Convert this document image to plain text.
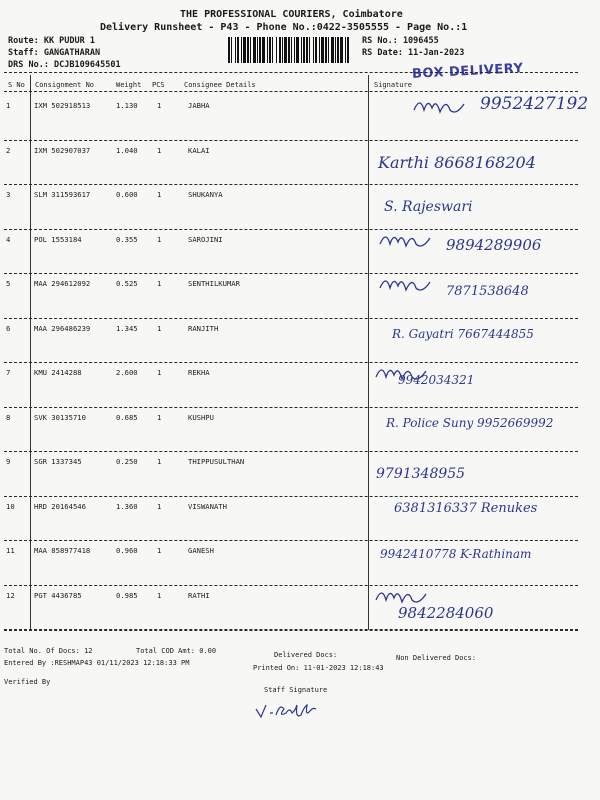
THE PROFESSIONAL COURIERS, Coimbatore
Delivery Runsheet - P43 - Phone No.:0422-3505555 - Page No.:1
Route: KK PUDUR 1
Staff: GANGATHARAN
DRS No.: DCJB109645501
RS No.: 1096455
RS Date: 11-Jan-2023
BOX DELIVERY
S No Consignment No	Weight PCS	Consignee Details	Signature
1	IXM 502918513	1.130	1	JABHA	9952427192
2	IXM 502907037	1.040	1	KALAI
Karthi 8668168204
3	SLM 311593617	0.600	1	SHUKANYA
S. Rajeswari
4	POL 1553184	0.355	1	SAROJINI	9894289906
5	MAA 294612092	0.525	1	SENTHILKUMAR
7871538648
6	MAA 296486239	1.345	1	RANJITH	R. Gayatri 7667444855
7	KMU 2414288	2.600	1	REKHA
9942034321
8	SVK 30135710	0.685	1	KUSHPU	R. Police Suny 9952669992
9	SGR 1337345	0.250	1	THIPPUSULTHAN
9791348955
10	HRD 20164546	1.360	1	VISWANATH	6381316337 Renukes
11	MAA 858977418	0.960	1	GANESH	9942410778 K-Rathinam
12	PGT 4436785	0.985	1	RATHI
9842284060
Total No. Of Docs: 12	Total COD Amt: 0.00	Delivered Docs:	Non Delivered Docs:
Entered By :RESHMAP43 01/11/2023 12:18:33 PM
Printed On: 11-01-2023 12:18:43
Verified By
Staff Signature
